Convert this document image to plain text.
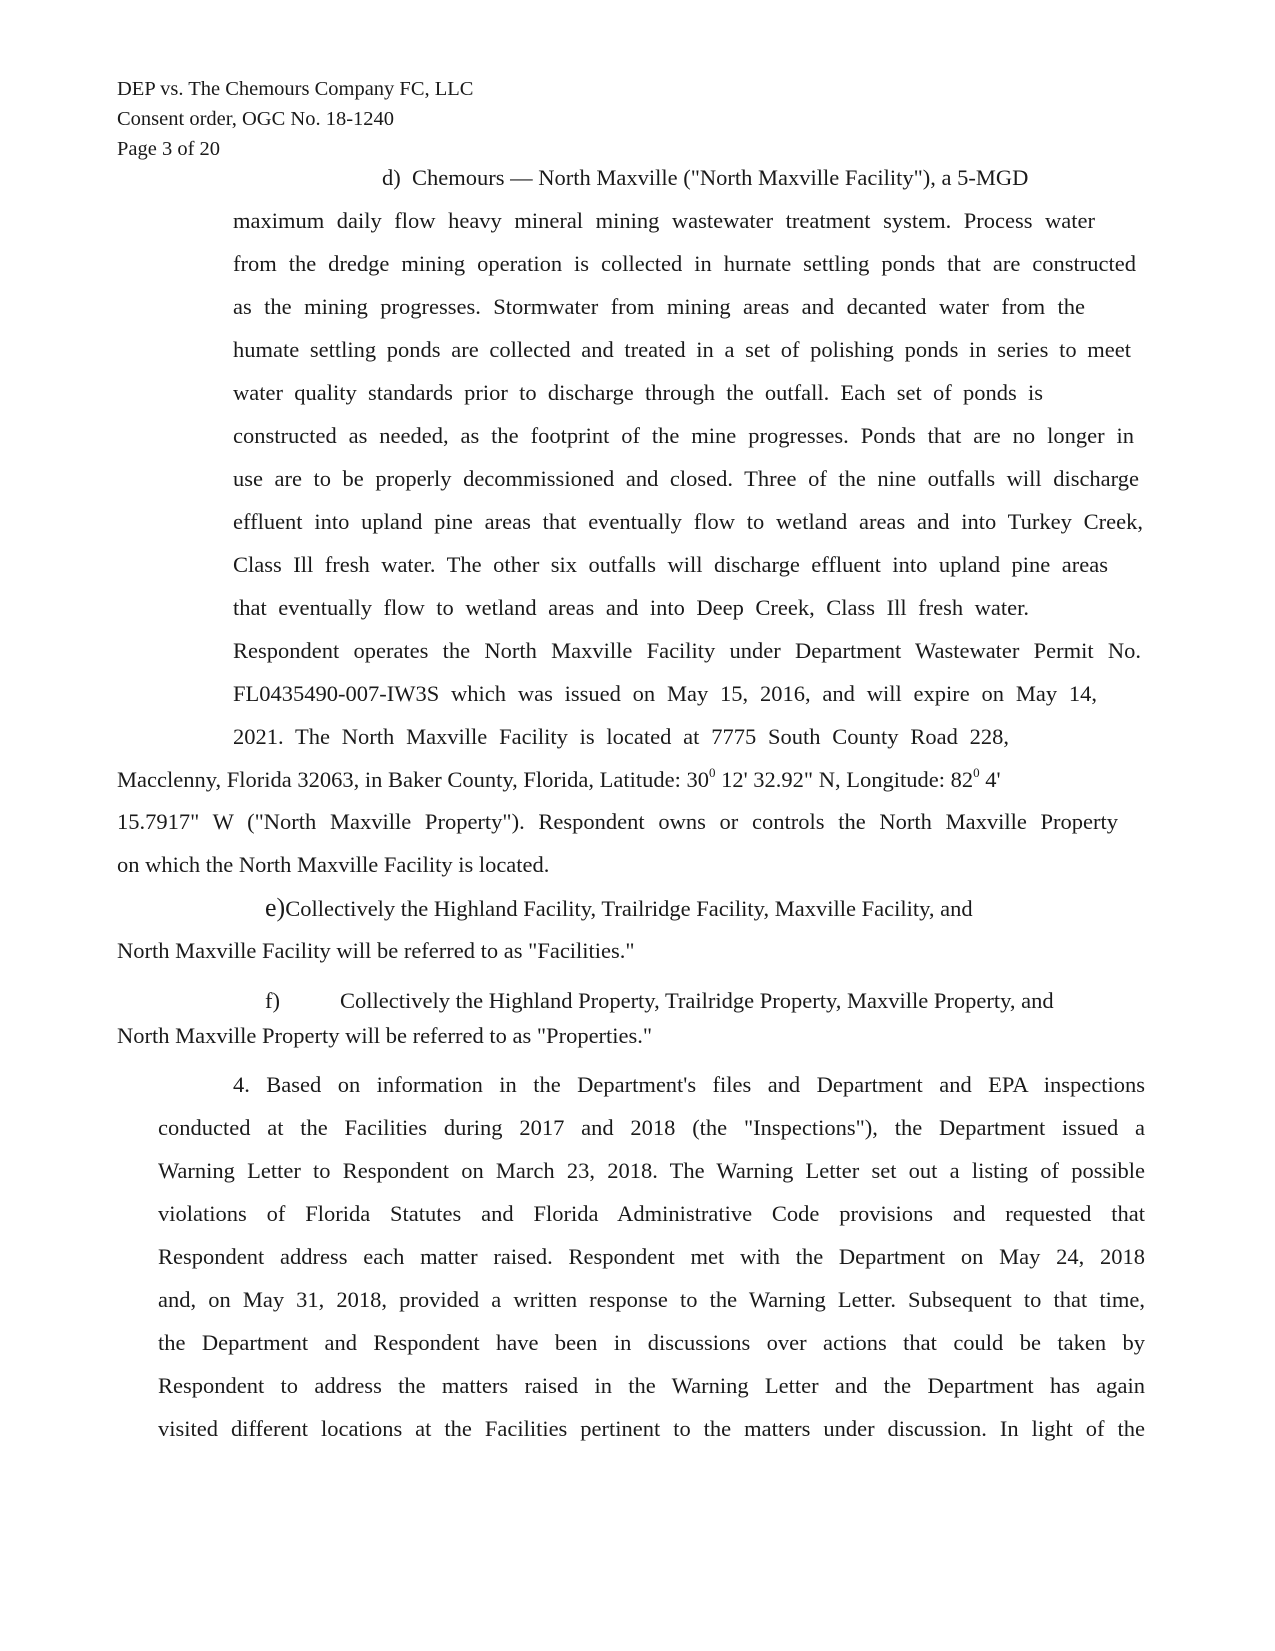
DEP vs. The Chemours Company FC, LLC
Consent order, OGC No. 18-1240
Page 3 of 20
d) Chemours — North Maxville ("North Maxville Facility"), a 5-MGD
maximum daily flow heavy mineral mining wastewater treatment system. Process water
from the dredge mining operation is collected in hurnate settling ponds that are constructed
as the mining progresses. Stormwater from mining areas and decanted water from the
humate settling ponds are collected and treated in a set of polishing ponds in series to meet
water quality standards prior to discharge through the outfall. Each set of ponds is
constructed as needed, as the footprint of the mine progresses. Ponds that are no longer in
use are to be properly decommissioned and closed. Three of the nine outfalls will discharge
effluent into upland pine areas that eventually flow to wetland areas and into Turkey Creek,
Class Ill fresh water. The other six outfalls will discharge effluent into upland pine areas
that eventually flow to wetland areas and into Deep Creek, Class Ill fresh water.
Respondent operates the North Maxville Facility under Department Wastewater Permit No.
FL0435490-007-IW3S which was issued on May 15, 2016, and will expire on May 14,
2021. The North Maxville Facility is located at 7775 South County Road 228,
Macclenny, Florida 32063, in Baker County, Florida, Latitude: $30^0$ 12' 32.92" N, Longitude: $82^0$ 4'
15.7917" W ("North Maxville Property"). Respondent owns or controls the North Maxville Property
on which the North Maxville Facility is located.
e)Collectively the Highland Facility, Trailridge Facility, Maxville Facility, and
North Maxville Facility will be referred to as "Facilities."
f)	Collectively the Highland Property, Trailridge Property, Maxville Property, and
North Maxville Property will be referred to as "Properties."
4. Based on information in the Department's files and Department and EPA inspections
conducted at the Facilities during 2017 and 2018 (the "Inspections"), the Department issued a
Warning Letter to Respondent on March 23, 2018. The Warning Letter set out a listing of possible
violations of Florida Statutes and Florida Administrative Code provisions and requested that
Respondent address each matter raised. Respondent met with the Department on May 24, 2018
and, on May 31, 2018, provided a written response to the Warning Letter. Subsequent to that time,
the Department and Respondent have been in discussions over actions that could be taken by
Respondent to address the matters raised in the Warning Letter and the Department has again
visited different locations at the Facilities pertinent to the matters under discussion. In light of the
